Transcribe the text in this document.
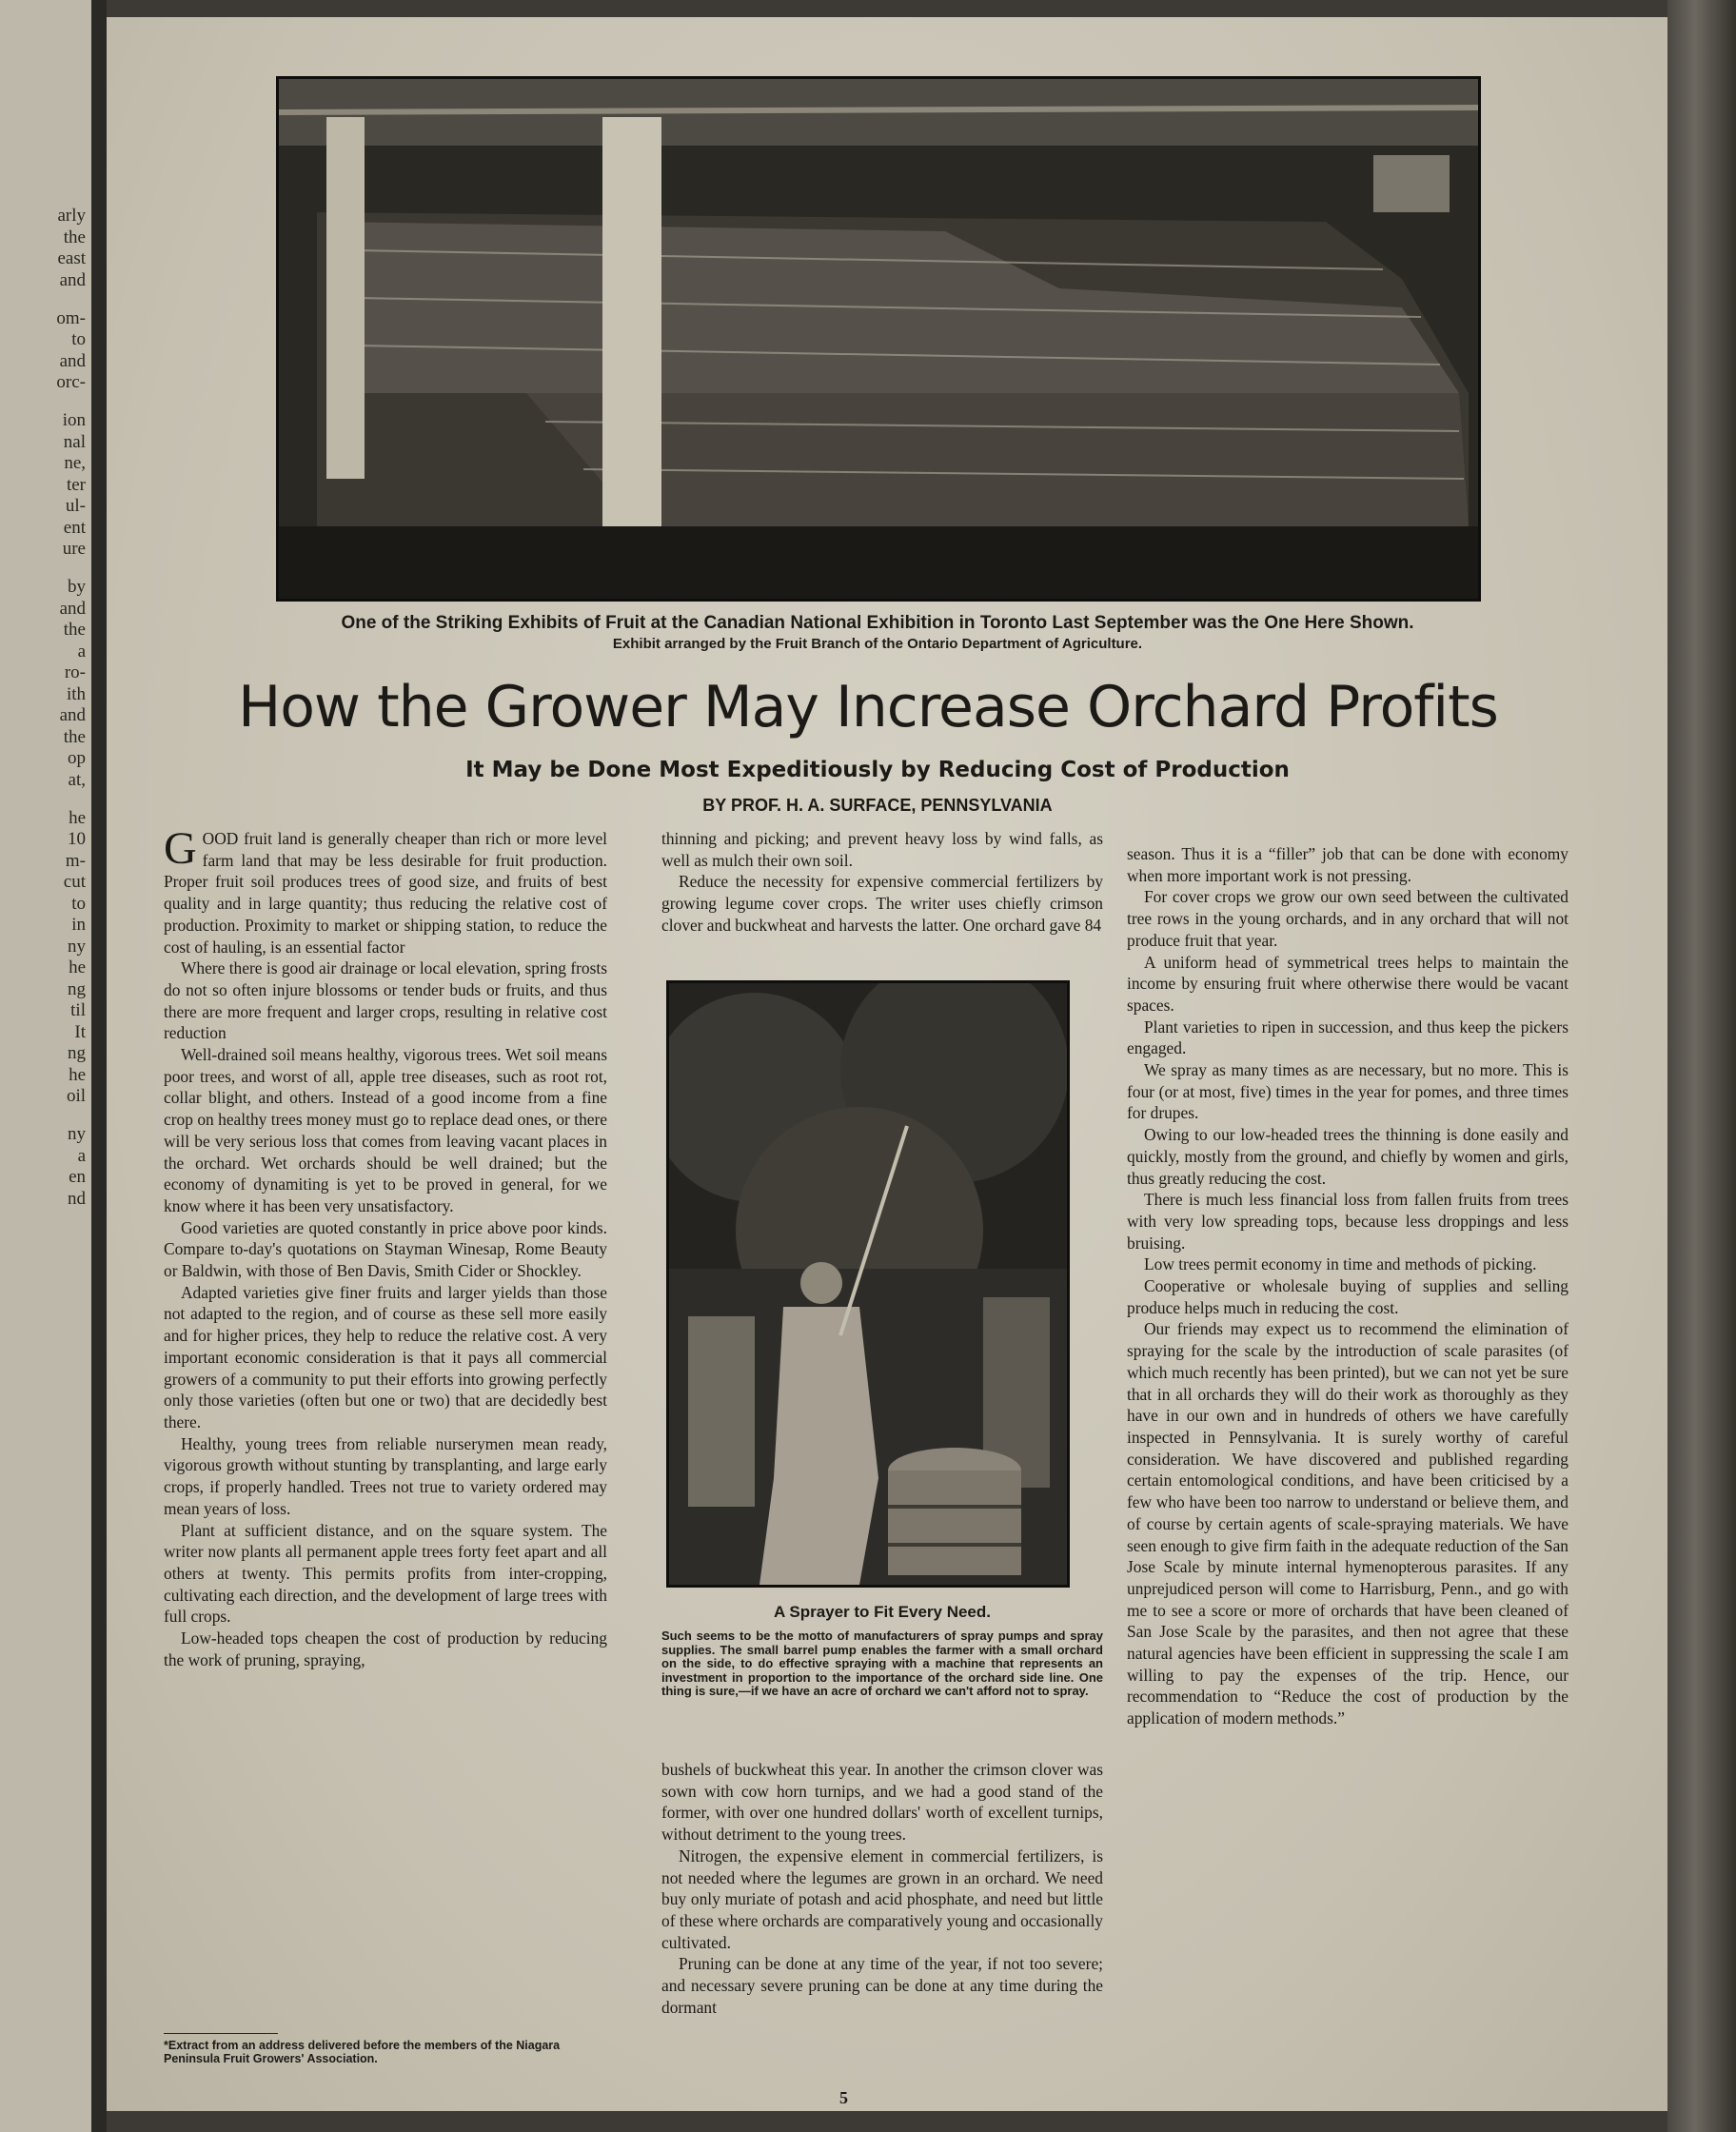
arly
the
east
and
om-
to
and
orc-
ion
nal
ne,
ter
ul-
ent
ure
by
and
the
a
ro-
ith
and
the
op
at,
he
10
m-
cut
to
in
ny
he
ng
til
It
ng
he
oil
ny
a
en
nd
One of the Striking Exhibits of Fruit at the Canadian National Exhibition in Toronto Last September was the One Here Shown.
Exhibit arranged by the Fruit Branch of the Ontario Department of Agriculture.
How the Grower May Increase Orchard Profits
It May be Done Most Expeditiously by Reducing Cost of Production
BY PROF. H. A. SURFACE, PENNSYLVANIA

GOOD fruit land is generally cheaper than rich or more level farm land that may be less desirable for fruit production. Proper fruit soil produces trees of good size, and fruits of best quality and in large quantity; thus reducing the relative cost of production. Proximity to market or shipping station, to reduce the cost of hauling, is an essential factor

Where there is good air drainage or local elevation, spring frosts do not so often injure blossoms or tender buds or fruits, and thus there are more frequent and larger crops, resulting in relative cost reduction

Well-drained soil means healthy, vigorous trees. Wet soil means poor trees, and worst of all, apple tree diseases, such as root rot, collar blight, and others. Instead of a good income from a fine crop on healthy trees money must go to replace dead ones, or there will be very serious loss that comes from leaving vacant places in the orchard. Wet orchards should be well drained; but the economy of dynamiting is yet to be proved in general, for we know where it has been very unsatisfactory.

Good varieties are quoted constantly in price above poor kinds. Compare to-day's quotations on Stayman Winesap, Rome Beauty or Baldwin, with those of Ben Davis, Smith Cider or Shockley.

Adapted varieties give finer fruits and larger yields than those not adapted to the region, and of course as these sell more easily and for higher prices, they help to reduce the relative cost. A very important economic consideration is that it pays all commercial growers of a community to put their efforts into growing perfectly only those varieties (often but one or two) that are decidedly best there.

Healthy, young trees from reliable nurserymen mean ready, vigorous growth without stunting by transplanting, and large early crops, if properly handled. Trees not true to variety ordered may mean years of loss.

Plant at sufficient distance, and on the square system. The writer now plants all permanent apple trees forty feet apart and all others at twenty. This permits profits from inter-cropping, cultivating each direction, and the development of large trees with full crops.

Low-headed tops cheapen the cost of production by reducing the work of pruning, spraying,

*Extract from an address delivered before the members of the Niagara Peninsula Fruit Growers' Association.

thinning and picking; and prevent heavy loss by wind falls, as well as mulch their own soil.

Reduce the necessity for expensive commercial fertilizers by growing legume cover crops. The writer uses chiefly crimson clover and buckwheat and harvests the latter. One orchard gave 84

A Sprayer to Fit Every Need.
Such seems to be the motto of manufacturers of spray pumps and spray supplies. The small barrel pump enables the farmer with a small orchard on the side, to do effective spraying with a machine that represents an investment in proportion to the importance of the orchard side line. One thing is sure,—if we have an acre of orchard we can't afford not to spray.

bushels of buckwheat this year. In another the crimson clover was sown with cow horn turnips, and we had a good stand of the former, with over one hundred dollars' worth of excellent turnips, without detriment to the young trees.

Nitrogen, the expensive element in commercial fertilizers, is not needed where the legumes are grown in an orchard. We need buy only muriate of potash and acid phosphate, and need but little of these where orchards are comparatively young and occasionally cultivated.

Pruning can be done at any time of the year, if not too severe; and necessary severe pruning can be done at any time during the dormant

season. Thus it is a “filler” job that can be done with economy when more important work is not pressing.

For cover crops we grow our own seed between the cultivated tree rows in the young orchards, and in any orchard that will not produce fruit that year.

A uniform head of symmetrical trees helps to maintain the income by ensuring fruit where otherwise there would be vacant spaces.

Plant varieties to ripen in succession, and thus keep the pickers engaged.

We spray as many times as are necessary, but no more. This is four (or at most, five) times in the year for pomes, and three times for drupes.

Owing to our low-headed trees the thinning is done easily and quickly, mostly from the ground, and chiefly by women and girls, thus greatly reducing the cost.

There is much less financial loss from fallen fruits from trees with very low spreading tops, because less droppings and less bruising.

Low trees permit economy in time and methods of picking.

Cooperative or wholesale buying of supplies and selling produce helps much in reducing the cost.

Our friends may expect us to recommend the elimination of spraying for the scale by the introduction of scale parasites (of which much recently has been printed), but we can not yet be sure that in all orchards they will do their work as thoroughly as they have in our own and in hundreds of others we have carefully inspected in Pennsylvania. It is surely worthy of careful consideration. We have discovered and published regarding certain entomological conditions, and have been criticised by a few who have been too narrow to understand or believe them, and of course by certain agents of scale-spraying materials. We have seen enough to give firm faith in the adequate reduction of the San Jose Scale by minute internal hymenopterous parasites. If any unprejudiced person will come to Harrisburg, Penn., and go with me to see a score or more of orchards that have been cleaned of San Jose Scale by the parasites, and then not agree that these natural agencies have been efficient in suppressing the scale I am willing to pay the expenses of the trip. Hence, our recommendation to “Reduce the cost of production by the application of modern methods.”

5
